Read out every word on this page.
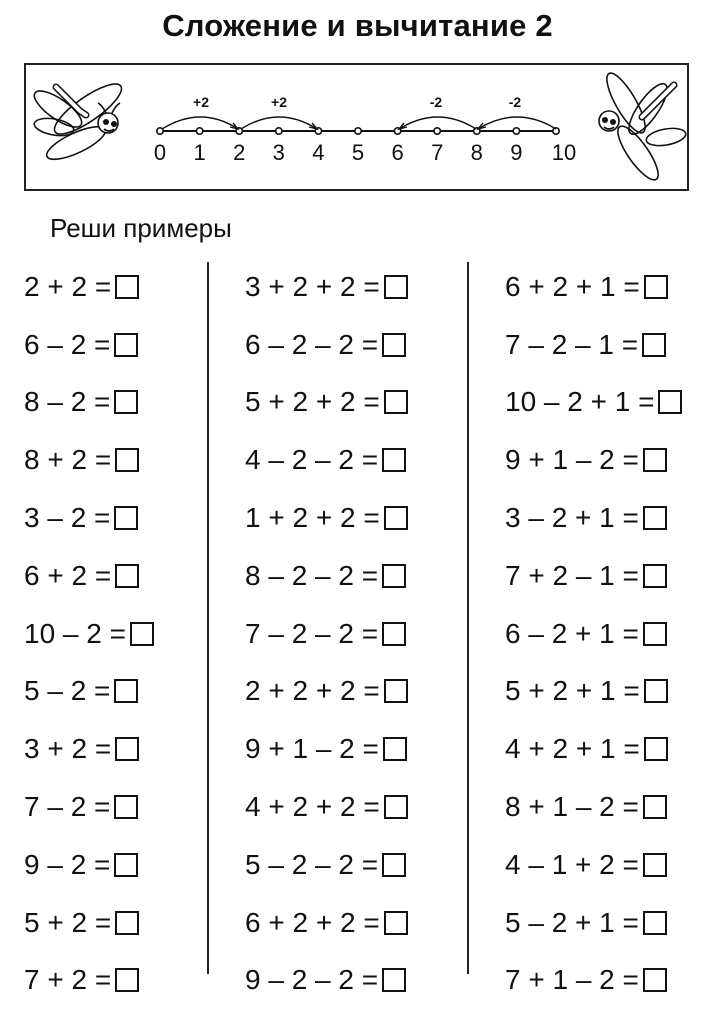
Сложение и вычитание 2
+2	+2	-2	-2
0 1 2 3 4 5 6 7 8 9 10
Реши примеры
2 + 2 =
6 – 2 =
8 – 2 =
8 + 2 =
3 – 2 =
6 + 2 =
10 – 2 =
5 – 2 =
3 + 2 =
7 – 2 =
9 – 2 =
5 + 2 =
7 + 2 =
3 + 2 + 2 =
6 – 2 – 2 =
5 + 2 + 2 =
4 – 2 – 2 =
1 + 2 + 2 =
8 – 2 – 2 =
7 – 2 – 2 =
2 + 2 + 2 =
9 + 1 – 2 =
4 + 2 + 2 =
5 – 2 – 2 =
6 + 2 + 2 =
9 – 2 – 2 =
6 + 2 + 1 =
7 – 2 – 1 =
10 – 2 + 1 =
9 + 1 – 2 =
3 – 2 + 1 =
7 + 2 – 1 =
6 – 2 + 1 =
5 + 2 + 1 =
4 + 2 + 1 =
8 + 1 – 2 =
4 – 1 + 2 =
5 – 2 + 1 =
7 + 1 – 2 =
